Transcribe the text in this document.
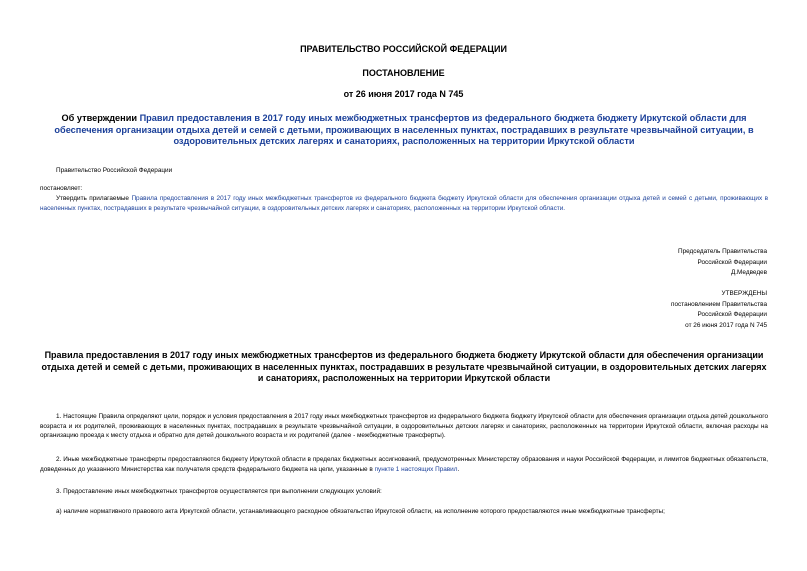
ПРАВИТЕЛЬСТВО РОССИЙСКОЙ ФЕДЕРАЦИИ
ПОСТАНОВЛЕНИЕ
от 26 июня 2017 года N 745
Об утверждении Правил предоставления в 2017 году иных межбюджетных трансфертов из федерального бюджета бюджету Иркутской области для обеспечения организации отдыха детей и семей с детьми, проживающих в населенных пунктах, пострадавших в результате чрезвычайной ситуации, в оздоровительных детских лагерях и санаториях, расположенных на территории Иркутской области
Правительство Российской Федерации
постановляет:
Утвердить прилагаемые Правила предоставления в 2017 году иных межбюджетных трансфертов из федерального бюджета бюджету Иркутской области для обеспечения организации отдыха детей и семей с детьми, проживающих в населенных пунктах, пострадавших в результате чрезвычайной ситуации, в оздоровительных детских лагерях и санаториях, расположенных на территории Иркутской области.
Председатель Правительства
Российской Федерации
Д.Медведев
УТВЕРЖДЕНЫ
постановлением Правительства
Российской Федерации
от 26 июня 2017 года N 745
Правила предоставления в 2017 году иных межбюджетных трансфертов из федерального бюджета бюджету Иркутской области для обеспечения организации отдыха детей и семей с детьми, проживающих в населенных пунктах, пострадавших в результате чрезвычайной ситуации, в оздоровительных детских лагерях и санаториях, расположенных на территории Иркутской области
1. Настоящие Правила определяют цели, порядок и условия предоставления в 2017 году иных межбюджетных трансфертов из федерального бюджета бюджету Иркутской области для обеспечения организации отдыха детей дошкольного возраста и их родителей, проживающих в населенных пунктах, пострадавших в результате чрезвычайной ситуации, в оздоровительных детских лагерях и санаториях, расположенных на территории Иркутской области, включая расходы на организацию проезда к месту отдыха и обратно для детей дошкольного возраста и их родителей (далее - межбюджетные трансферты).
2. Иные межбюджетные трансферты предоставляются бюджету Иркутской области в пределах бюджетных ассигнований, предусмотренных Министерству образования и науки Российской Федерации, и лимитов бюджетных обязательств, доведенных до указанного Министерства как получателя средств федерального бюджета на цели, указанные в пункте 1 настоящих Правил.
3. Предоставление иных межбюджетных трансфертов осуществляется при выполнении следующих условий:
а) наличие нормативного правового акта Иркутской области, устанавливающего расходное обязательство Иркутской области, на исполнение которого предоставляются иные межбюджетные трансферты;
